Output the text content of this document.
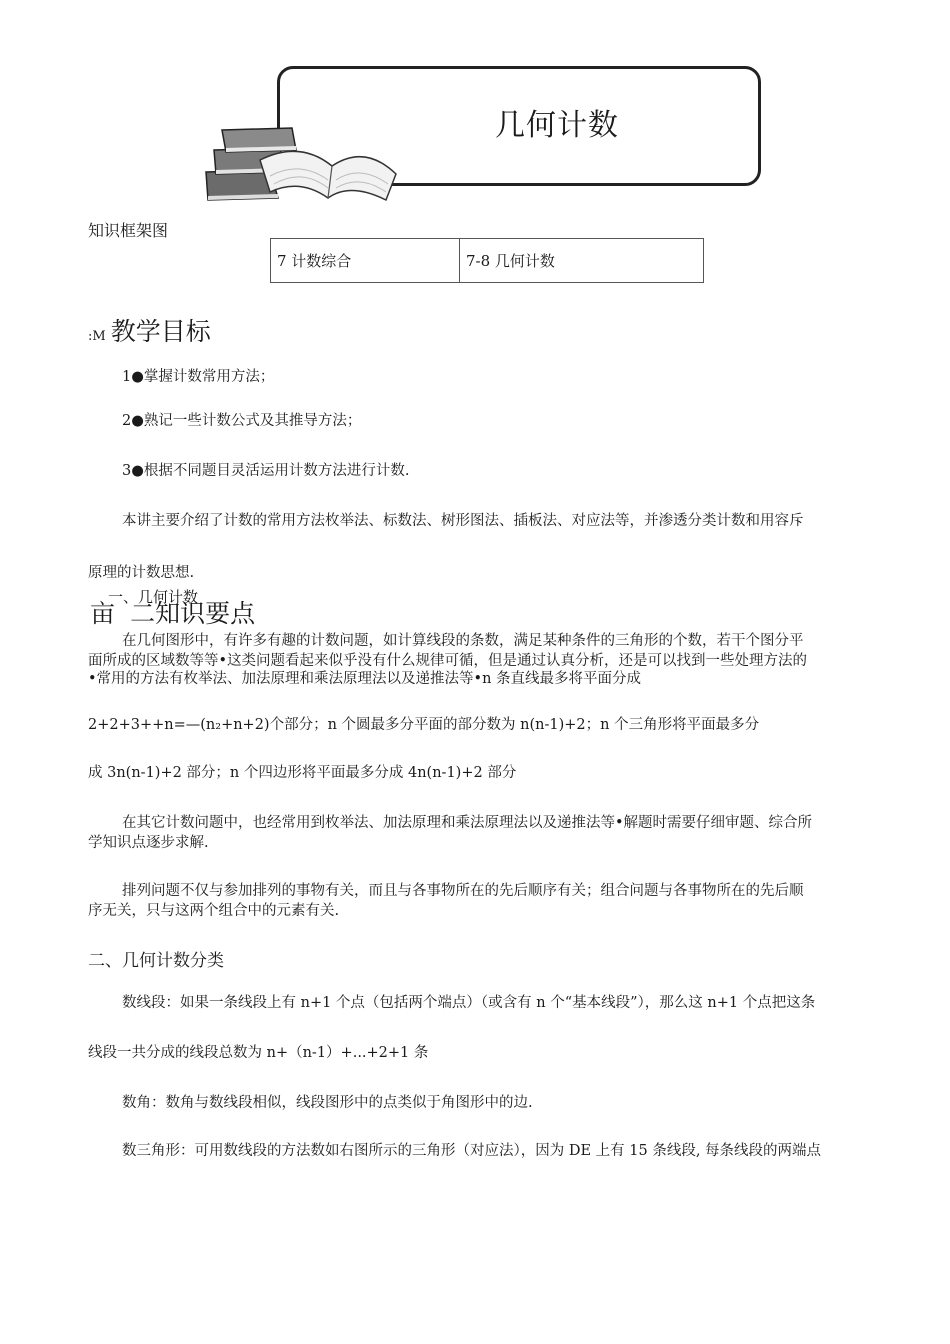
几何计数
知识框架图
7 计数综合	7-8 几何计数
:M 教学目标
1●掌握计数常用方法；
2●熟记一些计数公式及其推导方法；
3●根据不同题目灵活运用计数方法进行计数.
本讲主要介绍了计数的常用方法枚举法、标数法、树形图法、插板法、对应法等，并渗透分类计数和用容斥
原理的计数思想.
一、几何计数
亩 二知识要点
在几何图形中，有许多有趣的计数问题，如计算线段的条数，满足某种条件的三角形的个数，若干个图分平
面所成的区域数等等•这类问题看起来似乎没有什么规律可循，但是通过认真分析，还是可以找到一些处理方法的
•常用的方法有枚举法、加法原理和乘法原理法以及递推法等•n 条直线最多将平面分成
2+2+3++n=—(n₂+n+2)个部分；n 个圆最多分平面的部分数为 n(n-1)+2；n 个三角形将平面最多分
成 3n(n-1)+2 部分；n 个四边形将平面最多分成 4n(n-1)+2 部分
在其它计数问题中，也经常用到枚举法、加法原理和乘法原理法以及递推法等•解题时需要仔细审题、综合所
学知识点逐步求解.
排列问题不仅与参加排列的事物有关，而且与各事物所在的先后顺序有关；组合问题与各事物所在的先后顺
序无关，只与这两个组合中的元素有关.
二、几何计数分类
数线段：如果一条线段上有 n+1 个点（包括两个端点）（或含有 n 个“基本线段”），那么这 n+1 个点把这条
线段一共分成的线段总数为 n+（n-1）+...+2+1 条
数角：数角与数线段相似，线段图形中的点类似于角图形中的边.
数三角形：可用数线段的方法数如右图所示的三角形（对应法），因为 DE 上有 15 条线段, 每条线段的两端点
